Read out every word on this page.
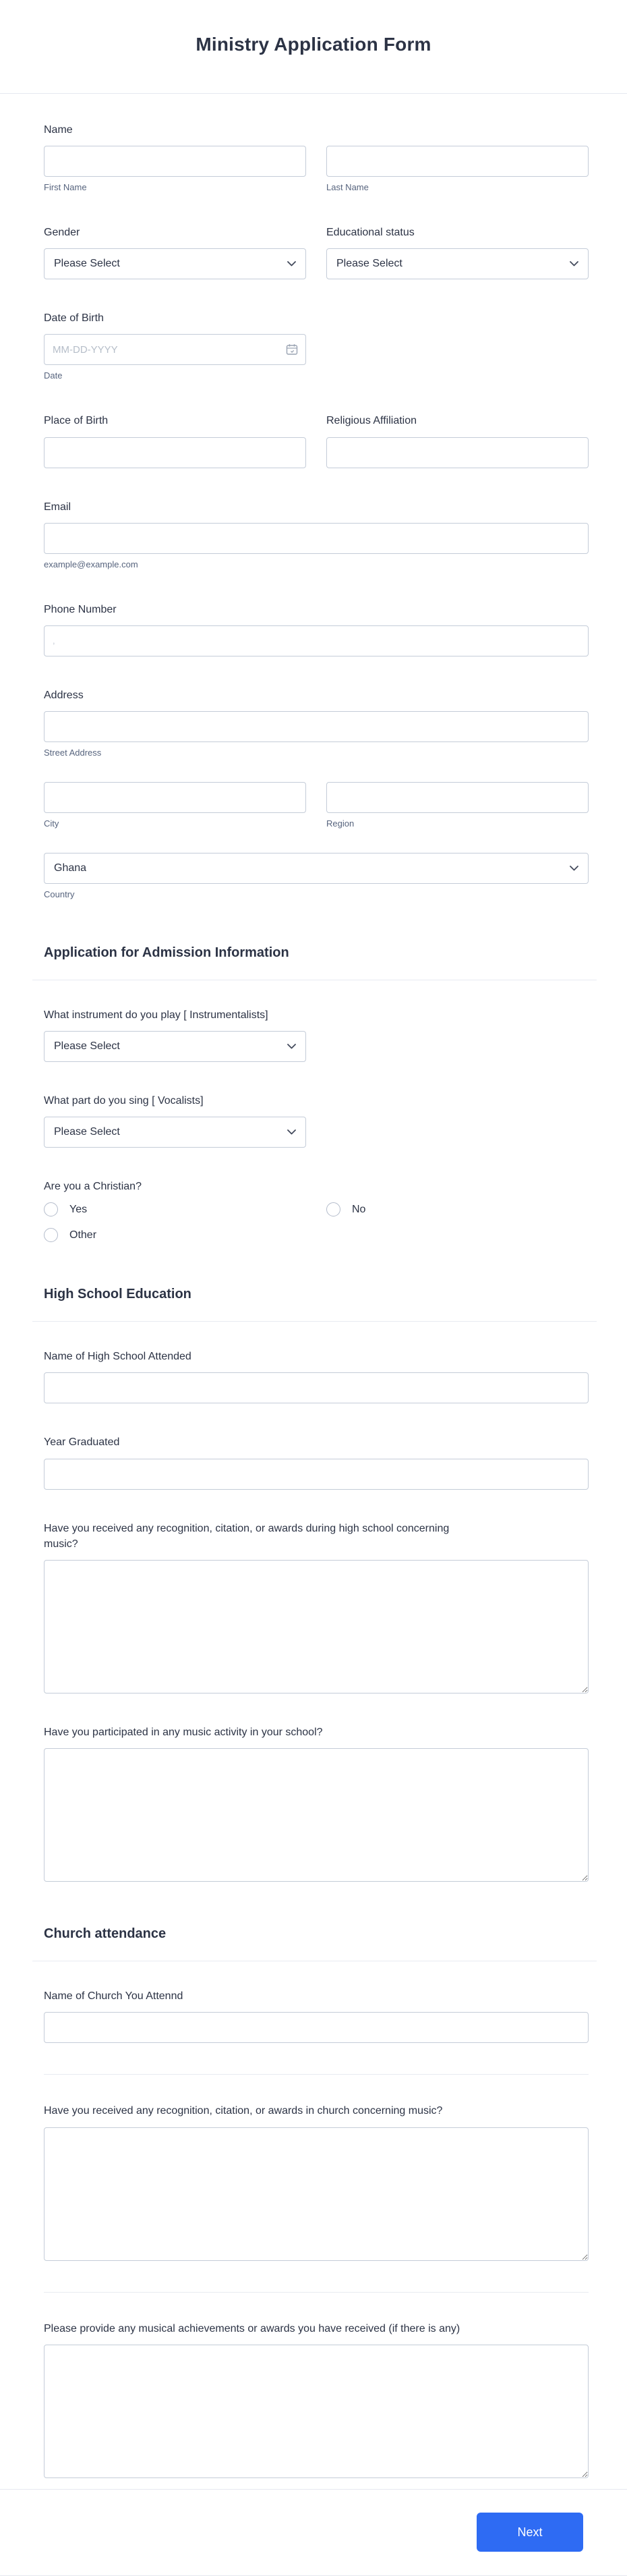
Ministry Application Form
Name
First Name	Last Name
Gender
Please Select
Educational status
Please Select
Date of Birth
MM-DD-YYYY
Date
Place of Birth	Religious Affiliation
Email
example@example.com
Phone Number
,
Address
Street Address
City	Region
Ghana
Country
Application for Admission Information
What instrument do you play [ Instrumentalists]
Please Select
What part do you sing [ Vocalists]
Please Select
Are you a Christian?
Yes	No
Other
High School Education
Name of High School Attended
Year Graduated
Have you received any recognition, citation, or awards during high school concerning music?
Have you participated in any music activity in your school?
Church attendance
Name of Church You Attennd
Have you received any recognition, citation, or awards in church concerning music?
Please provide any musical achievements or awards you have received (if there is any)
Next
